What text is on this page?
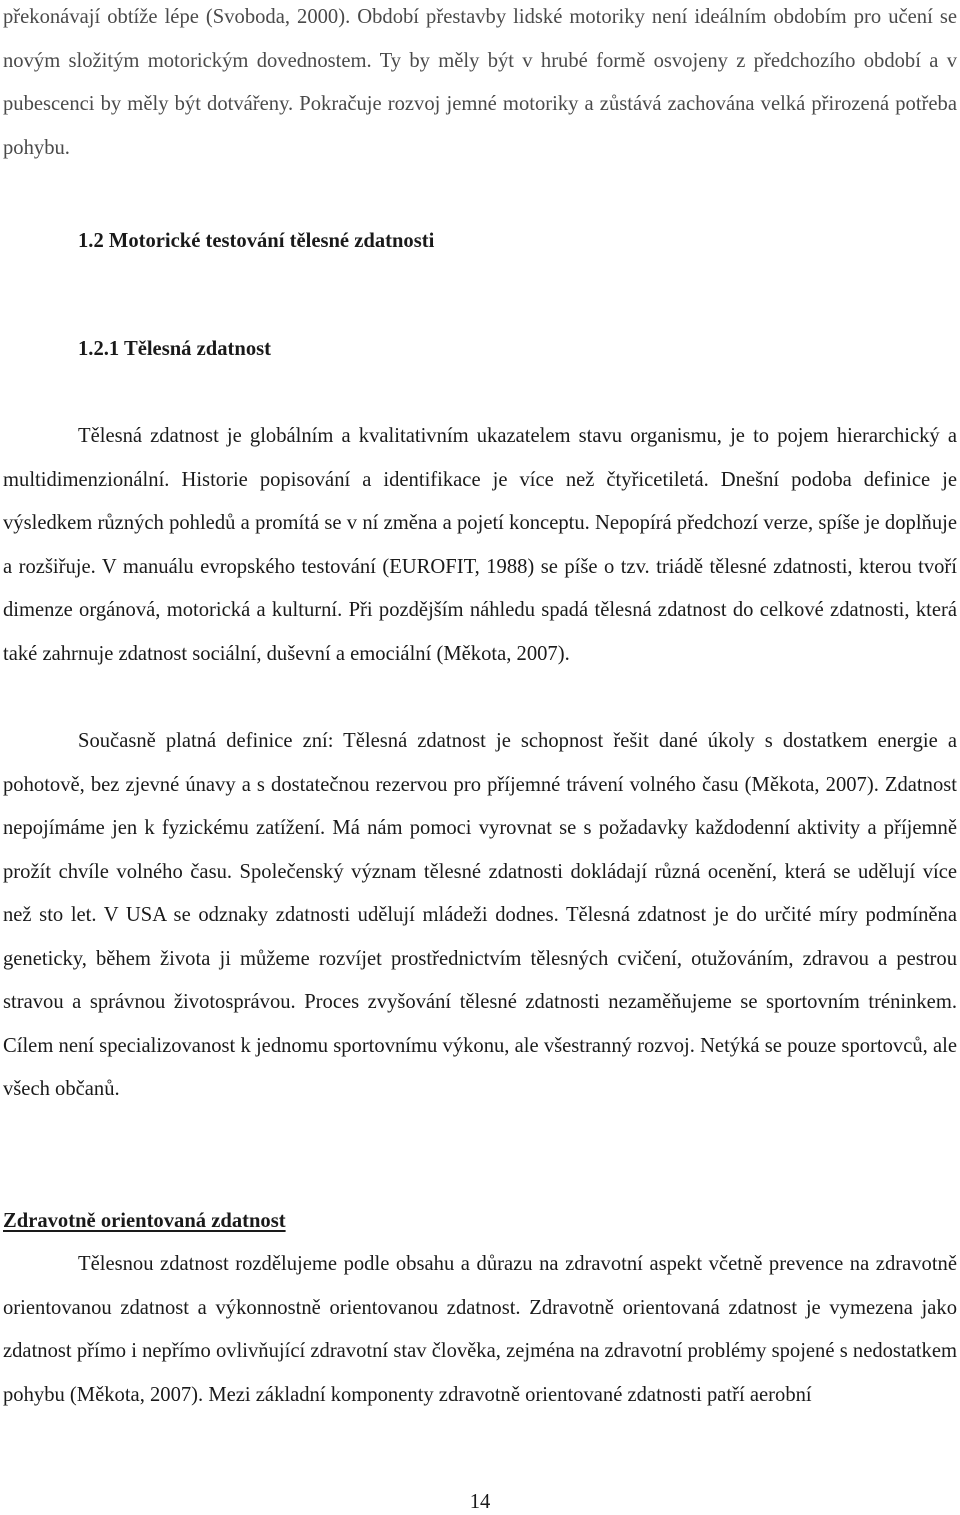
překonávají obtíže lépe (Svoboda, 2000). Období přestavby lidské motoriky není ideálním obdobím pro učení se novým složitým motorickým dovednostem. Ty by měly být v hrubé formě osvojeny z předchozího období a v pubescenci by měly být dotvářeny. Pokračuje rozvoj jemné motoriky a zůstává zachována velká přirozená potřeba pohybu.

1.2 Motorické testování tělesné zdatnosti
1.2.1 Tělesná zdatnost

Tělesná zdatnost je globálním a kvalitativním ukazatelem stavu organismu, je to pojem hierarchický a multidimenzionální. Historie popisování a identifikace je více než čtyřicetiletá. Dnešní podoba definice je výsledkem různých pohledů a promítá se v ní změna a pojetí konceptu. Nepopírá předchozí verze, spíše je doplňuje a rozšiřuje. V manuálu evropského testování (EUROFIT, 1988) se píše o tzv. triádě tělesné zdatnosti, kterou tvoří dimenze orgánová, motorická a kulturní. Při pozdějším náhledu spadá tělesná zdatnost do celkové zdatnosti, která také zahrnuje zdatnost sociální, duševní a emociální (Měkota, 2007).

Současně platná definice zní: Tělesná zdatnost je schopnost řešit dané úkoly s dostatkem energie a pohotově, bez zjevné únavy a s dostatečnou rezervou pro příjemné trávení volného času (Měkota, 2007). Zdatnost nepojímáme jen k fyzickému zatížení. Má nám pomoci vyrovnat se s požadavky každodenní aktivity a příjemně prožít chvíle volného času. Společenský význam tělesné zdatnosti dokládají různá ocenění, která se udělují více než sto let. V USA se odznaky zdatnosti udělují mládeži dodnes. Tělesná zdatnost je do určité míry podmíněna geneticky, během života ji můžeme rozvíjet prostřednictvím tělesných cvičení, otužováním, zdravou a pestrou stravou a správnou životosprávou. Proces zvyšování tělesné zdatnosti nezaměňujeme se sportovním tréninkem. Cílem není specializovanost k jednomu sportovnímu výkonu, ale všestranný rozvoj. Netýká se pouze sportovců, ale všech občanů.

Zdravotně orientovaná zdatnost

Tělesnou zdatnost rozdělujeme podle obsahu a důrazu na zdravotní aspekt včetně prevence na zdravotně orientovanou zdatnost a výkonnostně orientovanou zdatnost. Zdravotně orientovaná zdatnost je vymezena jako zdatnost přímo i nepřímo ovlivňující zdravotní stav člověka, zejména na zdravotní problémy spojené s nedostatkem pohybu (Měkota, 2007). Mezi základní komponenty zdravotně orientované zdatnosti patří aerobní

14
